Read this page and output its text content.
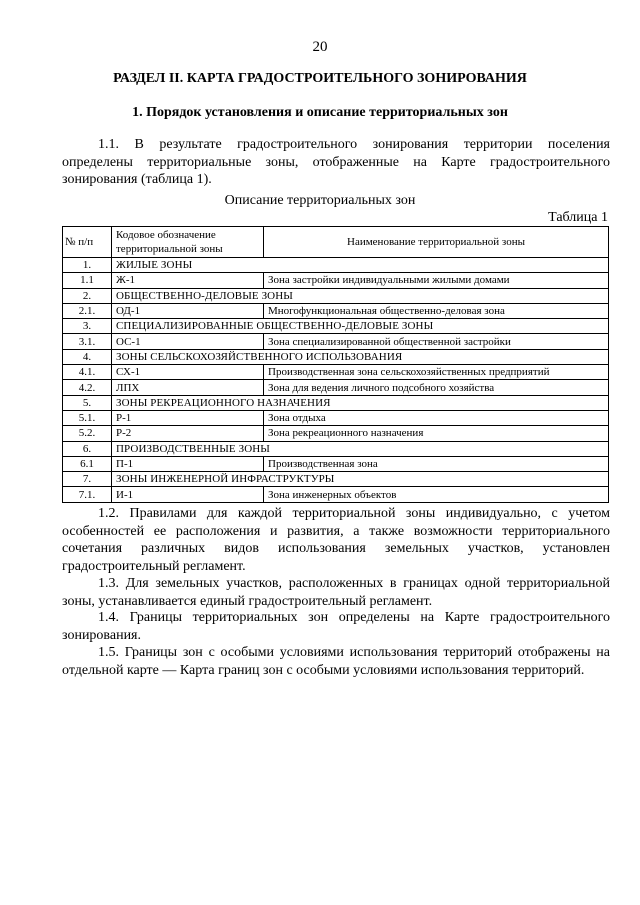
20
РАЗДЕЛ II. КАРТА ГРАДОСТРОИТЕЛЬНОГО ЗОНИРОВАНИЯ
1. Порядок установления и описание территориальных зон

1.1. В результате градостроительного зонирования территории поселения определены территориальные зоны, отображенные на Карте градостроительного зонирования (таблица 1).

Описание территориальных зон
Таблица 1
№ п/п	Кодовое обозначение территориальной зоны	Наименование территориальной зоны
1.	ЖИЛЫЕ ЗОНЫ	
1.1	Ж-1	Зона застройки индивидуальными жилыми домами
2.	ОБЩЕСТВЕННО-ДЕЛОВЫЕ ЗОНЫ	
2.1.	ОД-1	Многофункциональная общественно-деловая зона
3.	СПЕЦИАЛИЗИРОВАННЫЕ ОБЩЕСТВЕННО-ДЕЛОВЫЕ ЗОНЫ	
3.1.	ОС-1	Зона специализированной общественной застройки
4.	ЗОНЫ СЕЛЬСКОХОЗЯЙСТВЕННОГО ИСПОЛЬЗОВАНИЯ	
4.1.	СХ-1	Производственная зона сельскохозяйственных предприятий
4.2.	ЛПХ	Зона для ведения личного подсобного хозяйства
5.	ЗОНЫ РЕКРЕАЦИОННОГО НАЗНАЧЕНИЯ	
5.1.	Р-1	Зона отдыха
5.2.	Р-2	Зона рекреационного назначения
6.	ПРОИЗВОДСТВЕННЫЕ ЗОНЫ	
6.1	П-1	Производственная зона
7.	ЗОНЫ ИНЖЕНЕРНОЙ ИНФРАСТРУКТУРЫ	
7.1.	И-1	Зона инженерных объектов

1.2. Правилами для каждой территориальной зоны индивидуально, с учетом особенностей ее расположения и развития, а также возможности территориального сочетания различных видов использования земельных участков, установлен градостроительный регламент.

1.3. Для земельных участков, расположенных в границах одной территориальной зоны, устанавливается единый градостроительный регламент.

1.4. Границы территориальных зон определены на Карте градостроительного зонирования.

1.5. Границы зон с особыми условиями использования территорий отображены на отдельной карте — Карта границ зон с особыми условиями использования территорий.
